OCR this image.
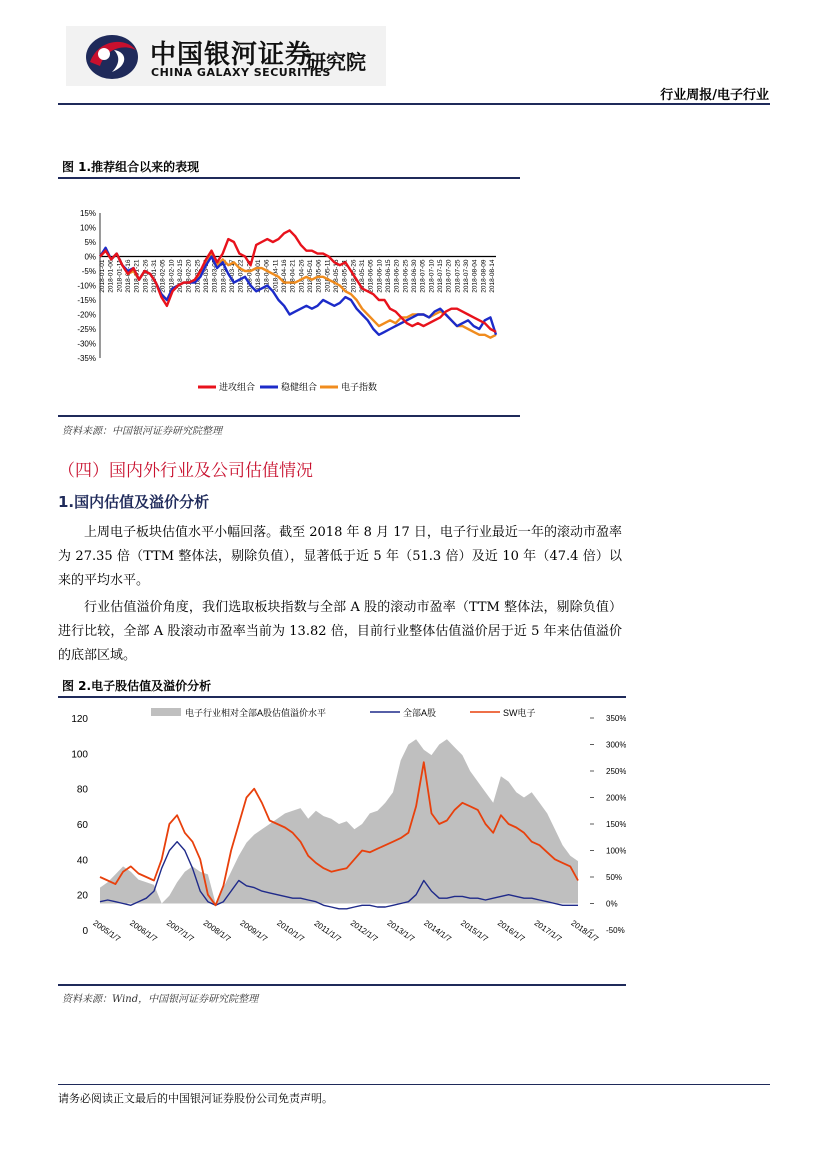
中国银河证券
CHINA GALAXY SECURITIES
研究院
行业周报/电子行业
图 1.推荐组合以来的表现
15%
10%
5%
0%
-5%
-10%
-15%
-20%
-25%
-30%
-35%
2018-01-01 2018-01-06 2018-01-11 2018-01-16 2018-01-21 2018-01-26 2018-01-31 2018-02-05 2018-02-10 2018-02-15 2018-02-20 2018-02-25 2018-03-02 2018-03-07 2018-03-12 2018-03-17 2018-03-22 2018-03-27 2018-04-01 2018-04-06 2018-04-11 2018-04-16 2018-04-21 2018-04-26 2018-05-01 2018-05-06 2018-05-11 2018-05-16 2018-05-21 2018-05-26 2018-05-31 2018-06-05 2018-06-10 2018-06-15 2018-06-20 2018-06-25 2018-06-30 2018-07-05 2018-07-10 2018-07-15 2018-07-20 2018-07-25 2018-07-30 2018-08-04 2018-08-09 2018-08-14
进攻组合	稳健组合	电子指数
资料来源：中国银河证券研究院整理
（四）国内外行业及公司估值情况
1.国内估值及溢价分析
上周电子板块估值水平小幅回落。截至 2018 年 8 月 17 日，电子行业最近一年的滚动市盈率为 27.35 倍（TTM 整体法，剔除负值），显著低于近 5 年（51.3 倍）及近 10 年（47.4 倍）以来的平均水平。
行业估值溢价角度，我们选取板块指数与全部 A 股的滚动市盈率（TTM 整体法，剔除负值）进行比较，全部 A 股滚动市盈率当前为 13.82 倍，目前行业整体估值溢价居于近 5 年来估值溢价的底部区域。
图 2.电子股估值及溢价分析
120
100
80
60
40
20
0
350%
300%
250%
200%
150%
100%
50%
0%
-50%
2005/1/7 2006/1/7 2007/1/7 2008/1/7 2009/1/7 2010/1/7 2011/1/7 2012/1/7 2013/1/7 2014/1/7 2015/1/7 2016/1/7 2017/1/7 2018/1/7
电子行业相对全部A股估值溢价水平	全部A股	SW电子
资料来源：Wind，中国银河证券研究院整理
请务必阅读正文最后的中国银河证券股份公司免责声明。
